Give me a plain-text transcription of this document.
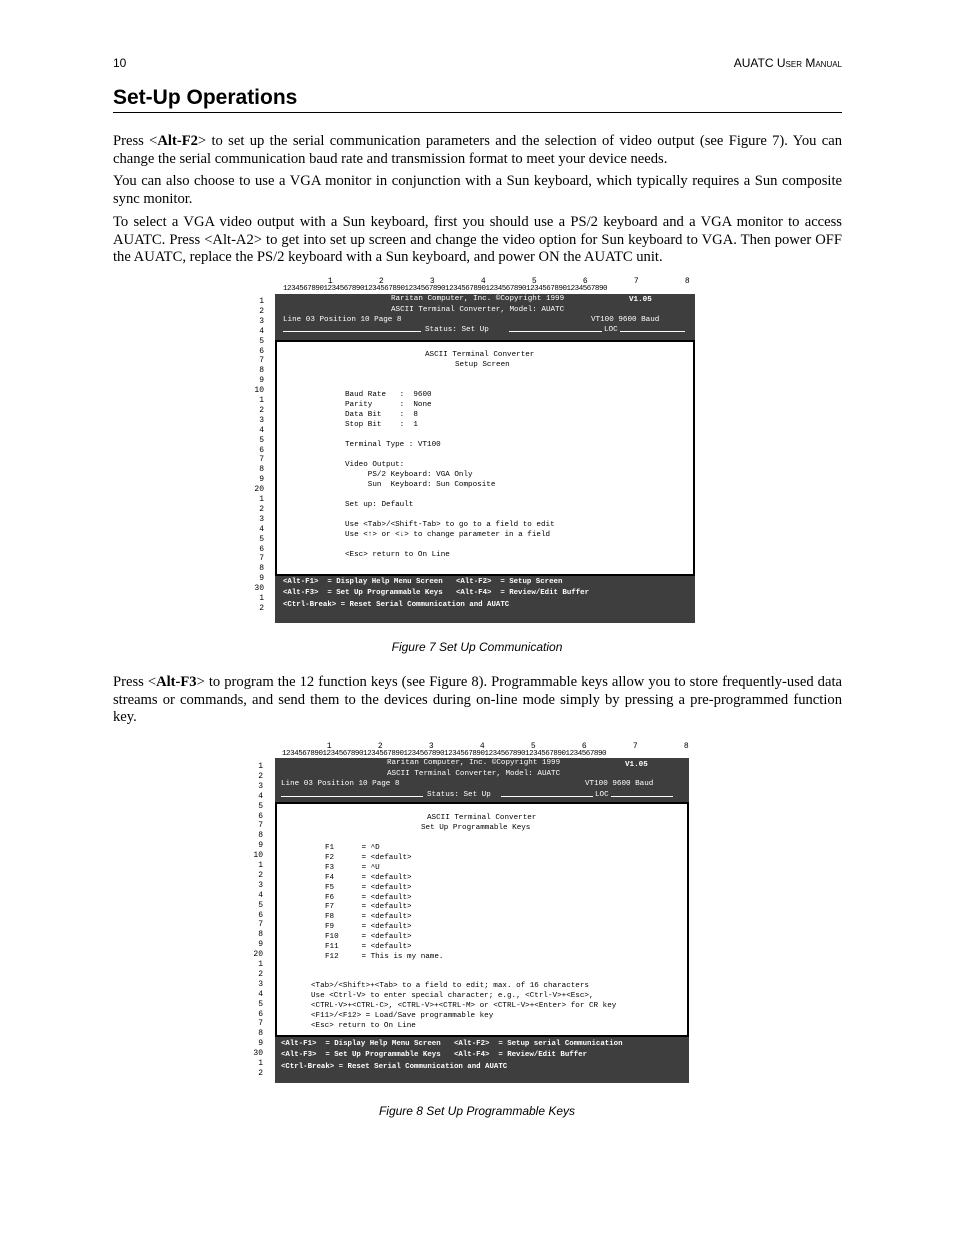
10	AUATC User Manual
Set-Up Operations

Press <Alt-F2> to set up the serial communication parameters and the selection of video output (see Figure 7). You can change the serial communication baud rate and transmission format to meet your device needs.

You can also choose to use a VGA monitor in conjunction with a Sun keyboard, which typically requires a Sun composite sync monitor.

To select a VGA video output with a Sun keyboard, first you should use a PS/2 keyboard and a VGA monitor to access AUATC. Press <Alt-A2> to get into set up screen and change the video option for Sun keyboard to VGA. Then power OFF the AUATC, replace the PS/2 keyboard with a Sun keyboard, and power ON the AUATC unit.

1	2	3	4	5	6	7	8
12345678901234567890123456789012345678901234567890123456789012345678901234567890
1
2
3
4
5
6
7
8
9
10
1
2
3
4
5
6
7
8
9
20
1
2
3
4
5
6
7
8
9
30
1
2
Raritan Computer, Inc. ©Copyright 1999	V1.05
ASCII Terminal Converter, Model: AUATC
Line 03 Position 10 Page 8	VT100 9600 Baud
Status: Set Up	LOC
ASCII Terminal Converter
Setup Screen
Baud Rate   :  9600
Parity      :  None
Data Bit    :  8
Stop Bit    :  1
Terminal Type : VT100
Video Output:
PS/2 Keyboard: VGA Only
Sun  Keyboard: Sun Composite
Set up: Default
Use <Tab>/<Shift-Tab> to go to a field to edit
Use <↑> or <↓> to change parameter in a field
<Esc> return to On Line
<Alt-F1>  = Display Help Menu Screen   <Alt-F2>  = Setup Screen
<Alt-F3>  = Set Up Programmable Keys   <Alt-F4>  = Review/Edit Buffer
<Ctrl-Break> = Reset Serial Communication and AUATC
Figure 7 Set Up Communication

Press <Alt-F3> to program the 12 function keys (see Figure 8). Programmable keys allow you to store frequently-used data streams or commands, and send them to the devices during on-line mode simply by pressing a pre-programmed function key.

1	2	3	4	5	6	7	8
12345678901234567890123456789012345678901234567890123456789012345678901234567890
1
2
3
4
5
6
7
8
9
10
1
2
3
4
5
6
7
8
9
20
1
2
3
4
5
6
7
8
9
30
1
2
Raritan Computer, Inc. ©Copyright 1999	V1.05
ASCII Terminal Converter, Model: AUATC
Line 03 Position 10 Page 8	VT100 9600 Baud
Status: Set Up	LOC
ASCII Terminal Converter
Set Up Programmable Keys
F1      = ^D
F2      = <default>
F3      = ^U
F4      = <default>
F5      = <default>
F6      = <default>
F7      = <default>
F8      = <default>
F9      = <default>
F10     = <default>
F11     = <default>
F12     = This is my name.
<Tab>/<Shift>+<Tab> to a field to edit; max. of 16 characters
Use <Ctrl-V> to enter special character; e.g., <Ctrl-V>+<Esc>,
<CTRL-V>+<CTRL-C>, <CTRL-V>+<CTRL-M> or <CTRL-V>+<Enter> for CR key
<F11>/<F12> = Load/Save programmable key
<Esc> return to On Line
<Alt-F1>  = Display Help Menu Screen   <Alt-F2>  = Setup serial Communication
<Alt-F3>  = Set Up Programmable Keys   <Alt-F4>  = Review/Edit Buffer
<Ctrl-Break> = Reset Serial Communication and AUATC
Figure 8 Set Up Programmable Keys
